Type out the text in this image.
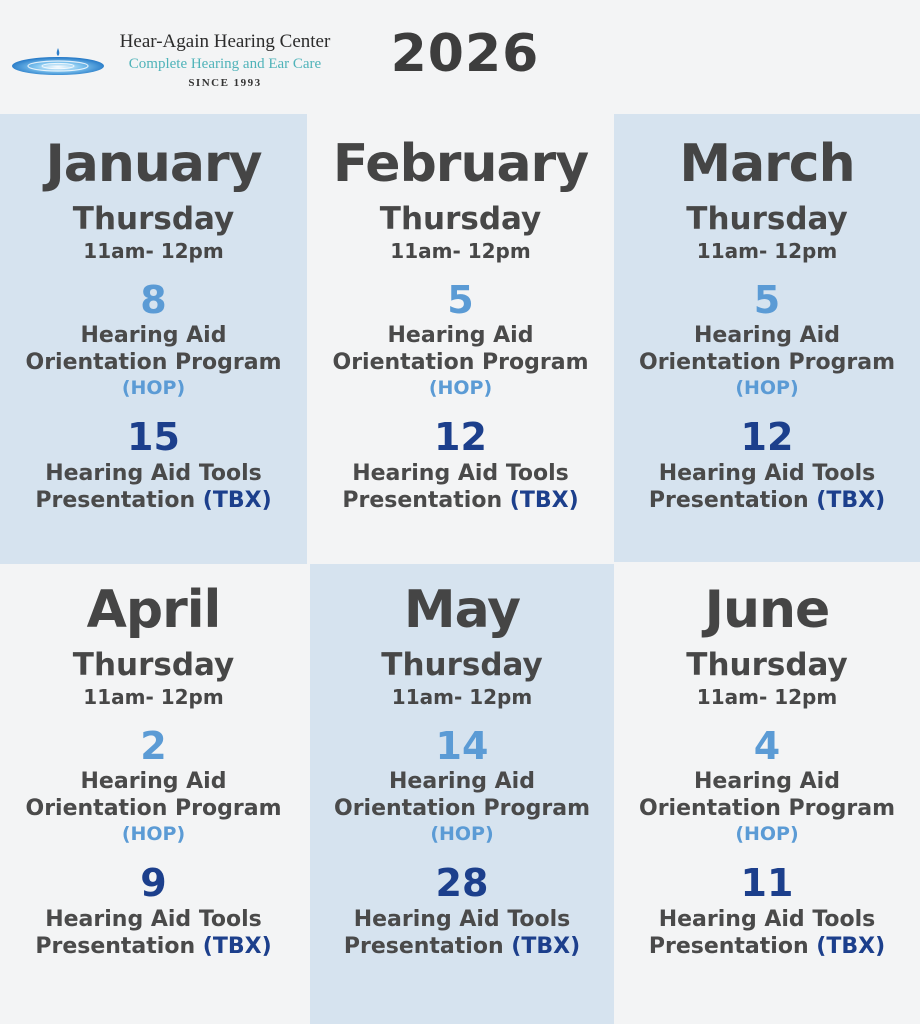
Hear-Again Hearing Center
Complete Hearing and Ear Care
SINCE 1993	2026
January
Thursday
11am- 12pm
8
Hearing Aid
Orientation Program
(HOP)
15
Hearing Aid Tools
Presentation (TBX)
February
Thursday
11am- 12pm
5
Hearing Aid
Orientation Program
(HOP)
12
Hearing Aid Tools
Presentation (TBX)
March
Thursday
11am- 12pm
5
Hearing Aid
Orientation Program
(HOP)
12
Hearing Aid Tools
Presentation (TBX)
April
Thursday
11am- 12pm
2
Hearing Aid
Orientation Program
(HOP)
9
Hearing Aid Tools
Presentation (TBX)
May
Thursday
11am- 12pm
14
Hearing Aid
Orientation Program
(HOP)
28
Hearing Aid Tools
Presentation (TBX)
June
Thursday
11am- 12pm
4
Hearing Aid
Orientation Program
(HOP)
11
Hearing Aid Tools
Presentation (TBX)
